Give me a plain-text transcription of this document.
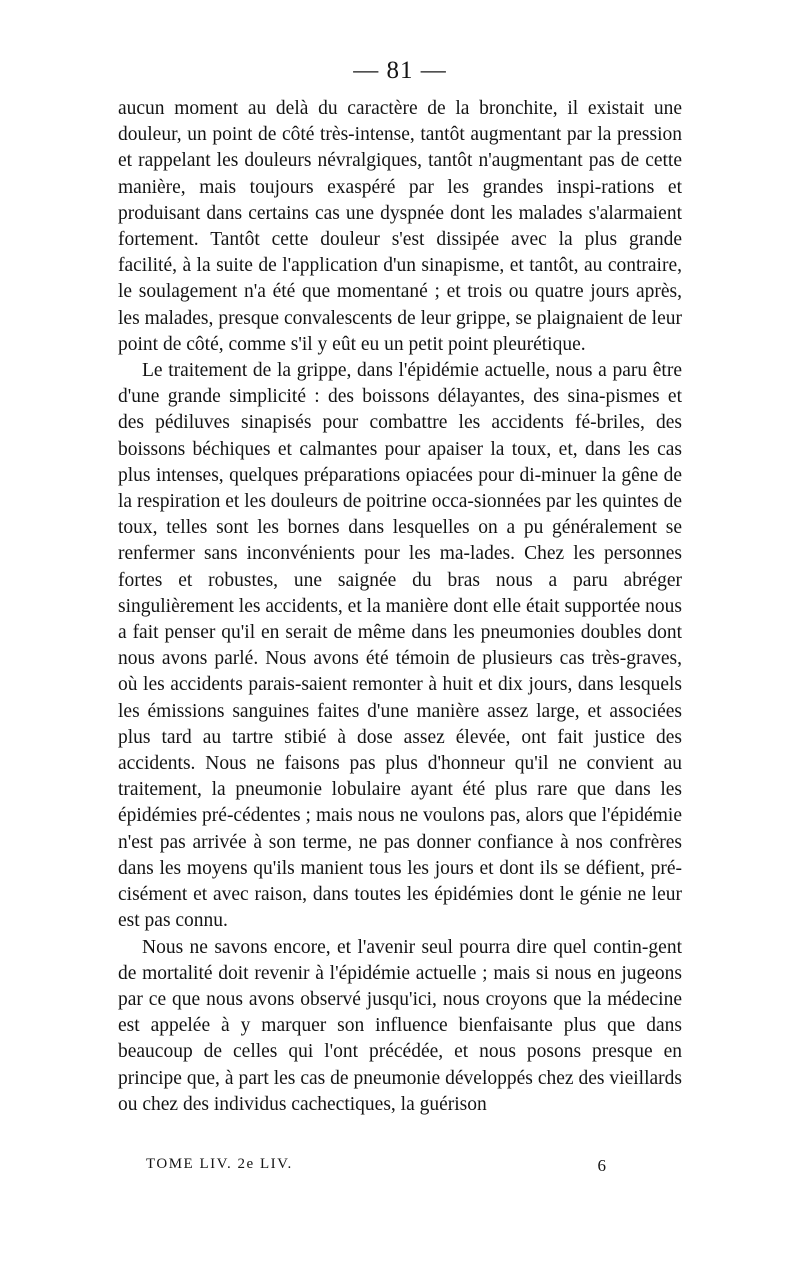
— 81 —

aucun moment au delà du caractère de la bronchite, il existait une douleur, un point de côté très-intense, tantôt augmentant par la pression et rappelant les douleurs névralgiques, tantôt n'augmentant pas de cette manière, mais toujours exaspéré par les grandes inspi-rations et produisant dans certains cas une dyspnée dont les malades s'alarmaient fortement. Tantôt cette douleur s'est dissipée avec la plus grande facilité, à la suite de l'application d'un sinapisme, et tantôt, au contraire, le soulagement n'a été que momentané ; et trois ou quatre jours après, les malades, presque convalescents de leur grippe, se plaignaient de leur point de côté, comme s'il y eût eu un petit point pleurétique.

Le traitement de la grippe, dans l'épidémie actuelle, nous a paru être d'une grande simplicité : des boissons délayantes, des sina-pismes et des pédiluves sinapisés pour combattre les accidents fé-briles, des boissons béchiques et calmantes pour apaiser la toux, et, dans les cas plus intenses, quelques préparations opiacées pour di-minuer la gêne de la respiration et les douleurs de poitrine occa-sionnées par les quintes de toux, telles sont les bornes dans lesquelles on a pu généralement se renfermer sans inconvénients pour les ma-lades. Chez les personnes fortes et robustes, une saignée du bras nous a paru abréger singulièrement les accidents, et la manière dont elle était supportée nous a fait penser qu'il en serait de même dans les pneumonies doubles dont nous avons parlé. Nous avons été témoin de plusieurs cas très-graves, où les accidents parais-saient remonter à huit et dix jours, dans lesquels les émissions sanguines faites d'une manière assez large, et associées plus tard au tartre stibié à dose assez élevée, ont fait justice des accidents. Nous ne faisons pas plus d'honneur qu'il ne convient au traitement, la pneumonie lobulaire ayant été plus rare que dans les épidémies pré-cédentes ; mais nous ne voulons pas, alors que l'épidémie n'est pas arrivée à son terme, ne pas donner confiance à nos confrères dans les moyens qu'ils manient tous les jours et dont ils se défient, pré-cisément et avec raison, dans toutes les épidémies dont le génie ne leur est pas connu.

Nous ne savons encore, et l'avenir seul pourra dire quel contin-gent de mortalité doit revenir à l'épidémie actuelle ; mais si nous en jugeons par ce que nous avons observé jusqu'ici, nous croyons que la médecine est appelée à y marquer son influence bienfaisante plus que dans beaucoup de celles qui l'ont précédée, et nous posons presque en principe que, à part les cas de pneumonie développés chez des vieillards ou chez des individus cachectiques, la guérison

TOME LIV. 2e LIV.	6
